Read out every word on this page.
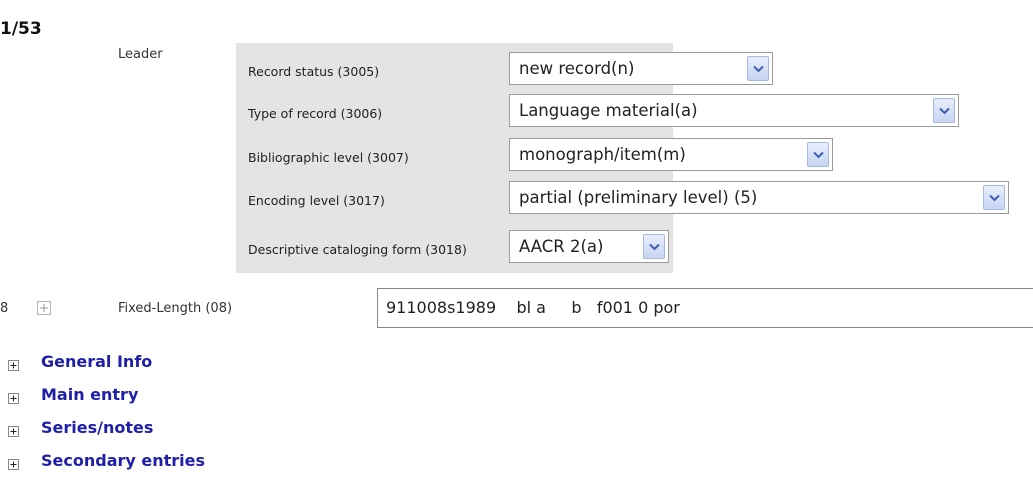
1/53
Leader
Record status (3005)	new record(n)
Type of record (3006)	Language material(a)
Bibliographic level (3007)	monograph/item(m)
Encoding level (3017)	partial (preliminary level) (5)
Descriptive cataloging form (3018)	AACR 2(a)
8	Fixed-Length (08)	911008s1989    bl a     b   f001 0 por
General Info
Main entry
Series/notes
Secondary entries
